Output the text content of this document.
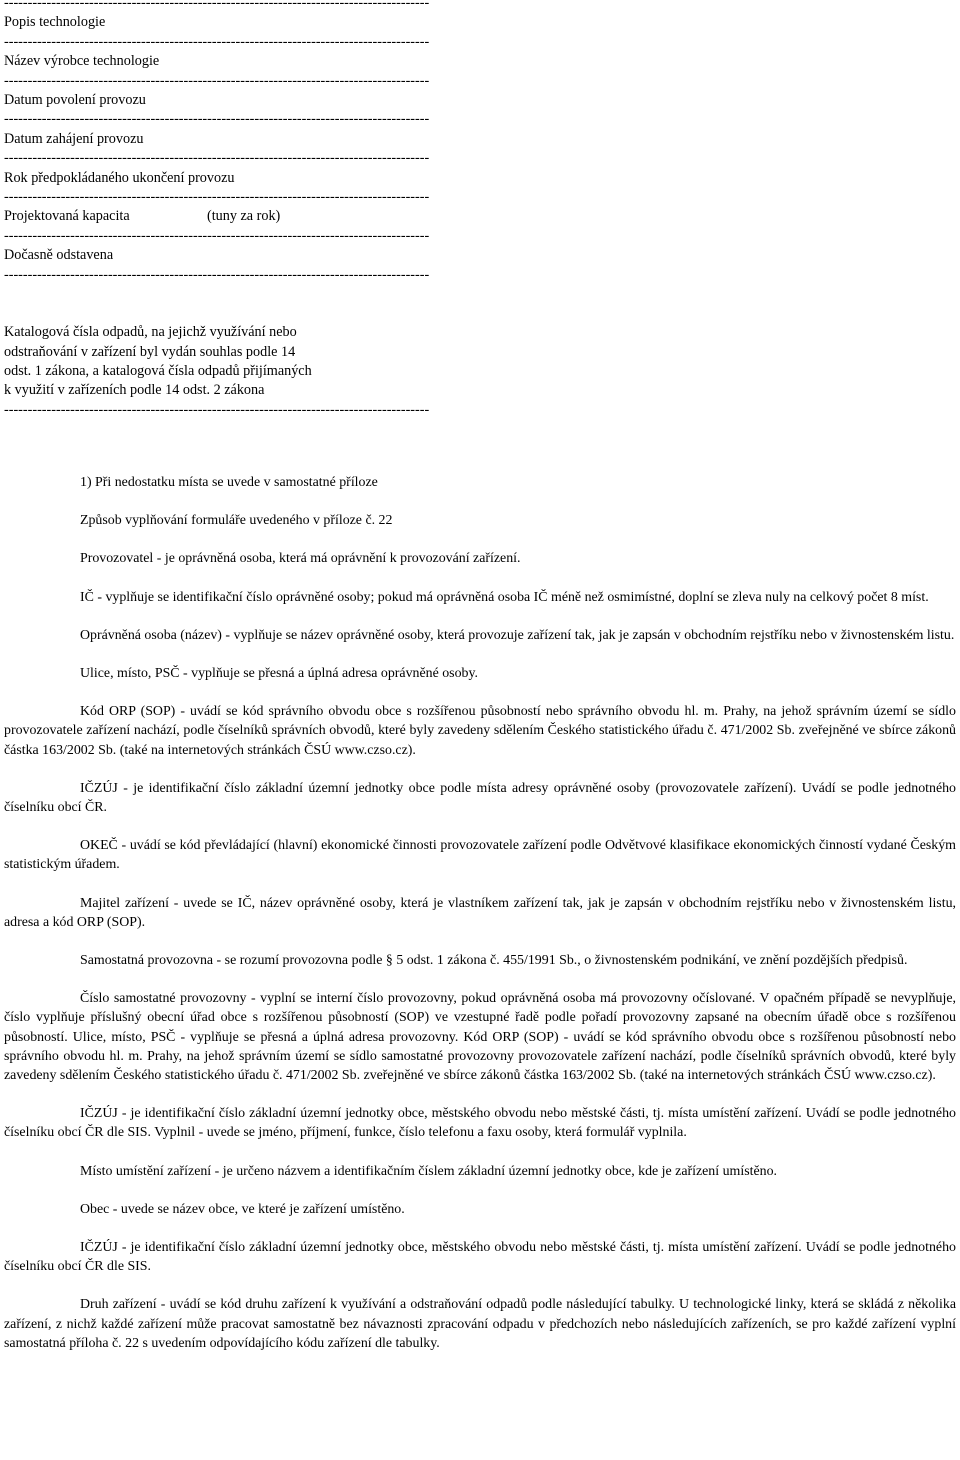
------------------------------------------------------------------------------------------
Popis technologie
------------------------------------------------------------------------------------------
Název výrobce technologie
------------------------------------------------------------------------------------------
Datum povolení provozu
------------------------------------------------------------------------------------------
Datum zahájení provozu
------------------------------------------------------------------------------------------
Rok předpokládaného ukončení provozu
------------------------------------------------------------------------------------------
Projektovaná kapacita	(tuny za rok)
------------------------------------------------------------------------------------------
Dočasně odstavena
------------------------------------------------------------------------------------------
Katalogová čísla odpadů, na jejichž využívání nebo
odstraňování v zařízení byl vydán souhlas podle 14
odst. 1 zákona, a katalogová čísla odpadů přijímaných
k využití v zařízeních podle 14 odst. 2 zákona
------------------------------------------------------------------------------------------

1) Při nedostatku místa se uvede v samostatné příloze

Způsob vyplňování formuláře uvedeného v příloze č. 22

Provozovatel - je oprávněná osoba, která má oprávnění k provozování zařízení.

IČ - vyplňuje se identifikační číslo oprávněné osoby; pokud má oprávněná osoba IČ méně než osmimístné, doplní se zleva nuly na celkový počet 8 míst.

Oprávněná osoba (název) - vyplňuje se název oprávněné osoby, která provozuje zařízení tak, jak je zapsán v obchodním rejstříku nebo v živnostenském listu.

Ulice, místo, PSČ - vyplňuje se přesná a úplná adresa oprávněné osoby.

Kód ORP (SOP) - uvádí se kód správního obvodu obce s rozšířenou působností nebo správního obvodu hl. m. Prahy, na jehož správním území se sídlo provozovatele zařízení nachází, podle číselníků správních obvodů, které byly zavedeny sdělením Českého statistického úřadu č. 471/2002 Sb. zveřejněné ve sbírce zákonů částka 163/2002 Sb. (také na internetových stránkách ČSÚ www.czso.cz).

IČZÚJ - je identifikační číslo základní územní jednotky obce podle místa adresy oprávněné osoby (provozovatele zařízení). Uvádí se podle jednotného číselníku obcí ČR.

OKEČ - uvádí se kód převládající (hlavní) ekonomické činnosti provozovatele zařízení podle Odvětvové klasifikace ekonomických činností vydané Českým statistickým úřadem.

Majitel zařízení - uvede se IČ, název oprávněné osoby, která je vlastníkem zařízení tak, jak je zapsán v obchodním rejstříku nebo v živnostenském listu, adresa a kód ORP (SOP).

Samostatná provozovna - se rozumí provozovna podle § 5 odst. 1 zákona č. 455/1991 Sb., o živnostenském podnikání, ve znění pozdějších předpisů.

Číslo samostatné provozovny - vyplní se interní číslo provozovny, pokud oprávněná osoba má provozovny očíslované. V opačném případě se nevyplňuje, číslo vyplňuje příslušný obecní úřad obce s rozšířenou působností (SOP) ve vzestupné řadě podle pořadí provozovny zapsané na obecním úřadě obce s rozšířenou působností. Ulice, místo, PSČ - vyplňuje se přesná a úplná adresa provozovny. Kód ORP (SOP) - uvádí se kód správního obvodu obce s rozšířenou působností nebo správního obvodu hl. m. Prahy, na jehož správním území se sídlo samostatné provozovny provozovatele zařízení nachází, podle číselníků správních obvodů, které byly zavedeny sdělením Českého statistického úřadu č. 471/2002 Sb. zveřejněné ve sbírce zákonů částka 163/2002 Sb. (také na internetových stránkách ČSÚ www.czso.cz).

IČZÚJ - je identifikační číslo základní územní jednotky obce, městského obvodu nebo městské části, tj. místa umístění zařízení. Uvádí se podle jednotného číselníku obcí ČR dle SIS. Vyplnil - uvede se jméno, příjmení, funkce, číslo telefonu a faxu osoby, která formulář vyplnila.

Místo umístění zařízení - je určeno názvem a identifikačním číslem základní územní jednotky obce, kde je zařízení umístěno.

Obec - uvede se název obce, ve které je zařízení umístěno.

IČZÚJ - je identifikační číslo základní územní jednotky obce, městského obvodu nebo městské části, tj. místa umístění zařízení. Uvádí se podle jednotného číselníku obcí ČR dle SIS.

Druh zařízení - uvádí se kód druhu zařízení k využívání a odstraňování odpadů podle následující tabulky. U technologické linky, která se skládá z několika zařízení, z nichž každé zařízení může pracovat samostatně bez návaznosti zpracování odpadu v předchozích nebo následujících zařízeních, se pro každé zařízení vyplní samostatná příloha č. 22 s uvedením odpovídajícího kódu zařízení dle tabulky.
